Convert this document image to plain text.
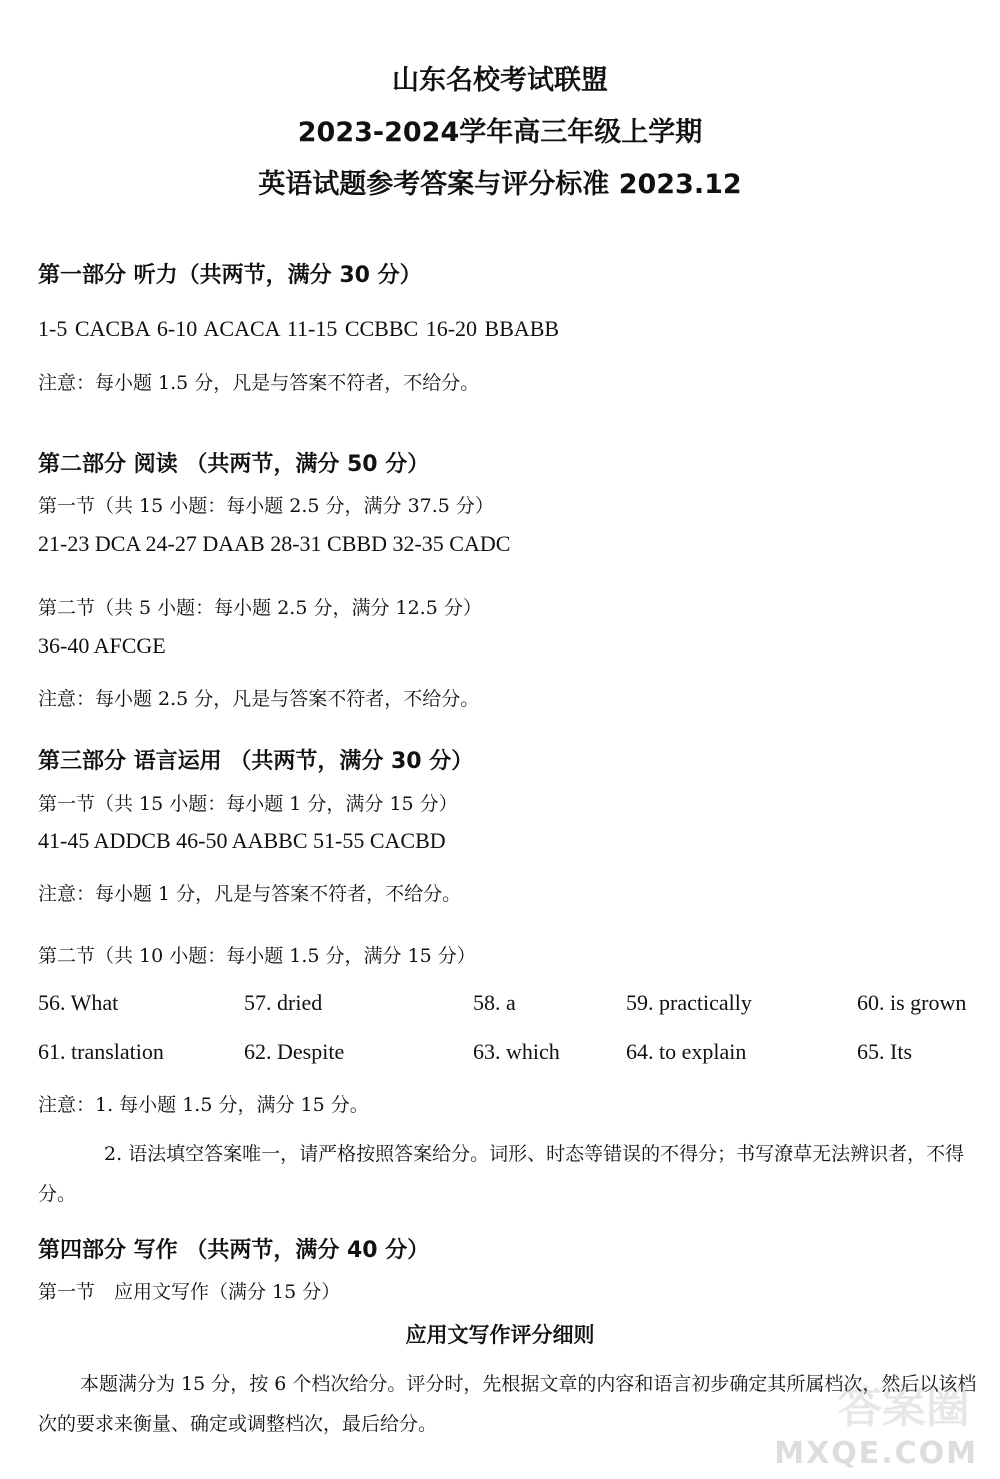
山东名校考试联盟
2023-2024学年高三年级上学期
英语试题参考答案与评分标准 2023.12
第一部分 听力（共两节，满分 30 分）
1-5 CACBA 6-10 ACACA 11-15 CCBBC 16-20 BBABB
注意：每小题 1.5 分，凡是与答案不符者，不给分。
第二部分 阅读 （共两节，满分 50 分）
第一节（共 15 小题：每小题 2.5 分，满分 37.5 分）
21-23 DCA 24-27 DAAB 28-31 CBBD 32-35 CADC
第二节（共 5 小题：每小题 2.5 分，满分 12.5 分）
36-40 AFCGE
注意：每小题 2.5 分，凡是与答案不符者，不给分。
第三部分 语言运用 （共两节，满分 30 分）
第一节（共 15 小题：每小题 1 分，满分 15 分）
41-45 ADDCB 46-50 AABBC 51-55 CACBD
注意：每小题 1 分，凡是与答案不符者，不给分。
第二节（共 10 小题：每小题 1.5 分，满分 15 分）
56. What	57. dried	58. a	59. practically	60. is grown
61. translation	62. Despite	63. which	64. to explain	65. Its
注意：1. 每小题 1.5 分，满分 15 分。
2. 语法填空答案唯一，请严格按照答案给分。词形、时态等错误的不得分；书写潦草无法辨识者，不得分。
第四部分 写作 （共两节，满分 40 分）
第一节　应用文写作（满分 15 分）
应用文写作评分细则
本题满分为 15 分，按 6 个档次给分。评分时，先根据文章的内容和语言初步确定其所属档次，然后以该档次的要求来衡量、确定或调整档次，最后给分。	答案圈
MXQE.COM
